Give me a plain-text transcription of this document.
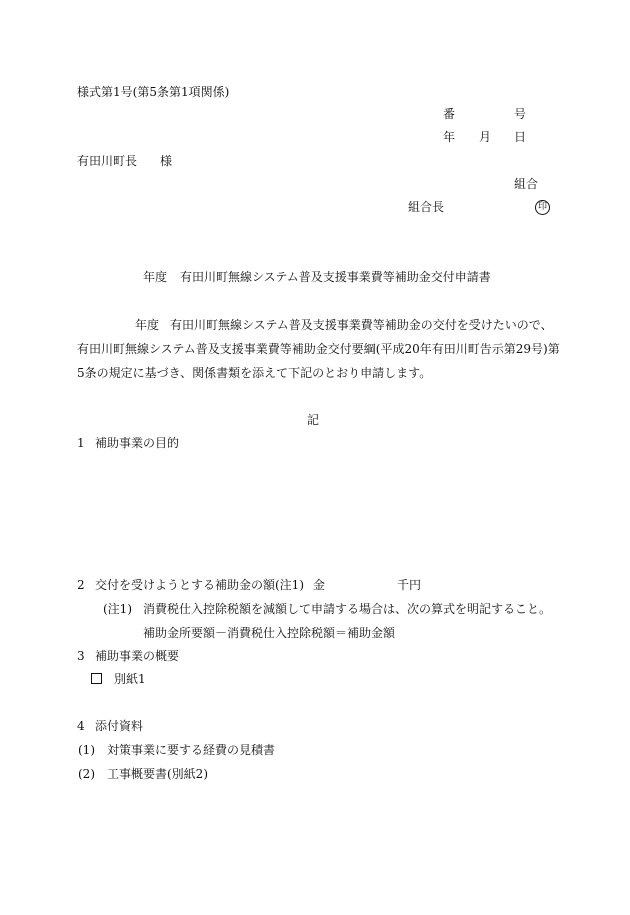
様式第1号(第5条第1項関係)
番	号
年 月 日
有田川町長 様
組合
組合長	印
年度 有田川町無線システム普及支援事業費等補助金交付申請書
年度 有田川町無線システム普及支援事業費等補助金の交付を受けたいので、
有田川町無線システム普及支援事業費等補助金交付要綱(平成20年有田川町告示第29号)第
5条の規定に基づき、関係書類を添えて下記のとおり申請します。
記
1 補助事業の目的
2 交付を受けようとする補助金の額(注1) 金	千円
(注1) 消費税仕入控除税額を減額して申請する場合は、次の算式を明記すること。
補助金所要額－消費税仕入控除税額＝補助金額
3 補助事業の概要
別紙1
4 添付資料
(1) 対策事業に要する経費の見積書
(2) 工事概要書(別紙2)
